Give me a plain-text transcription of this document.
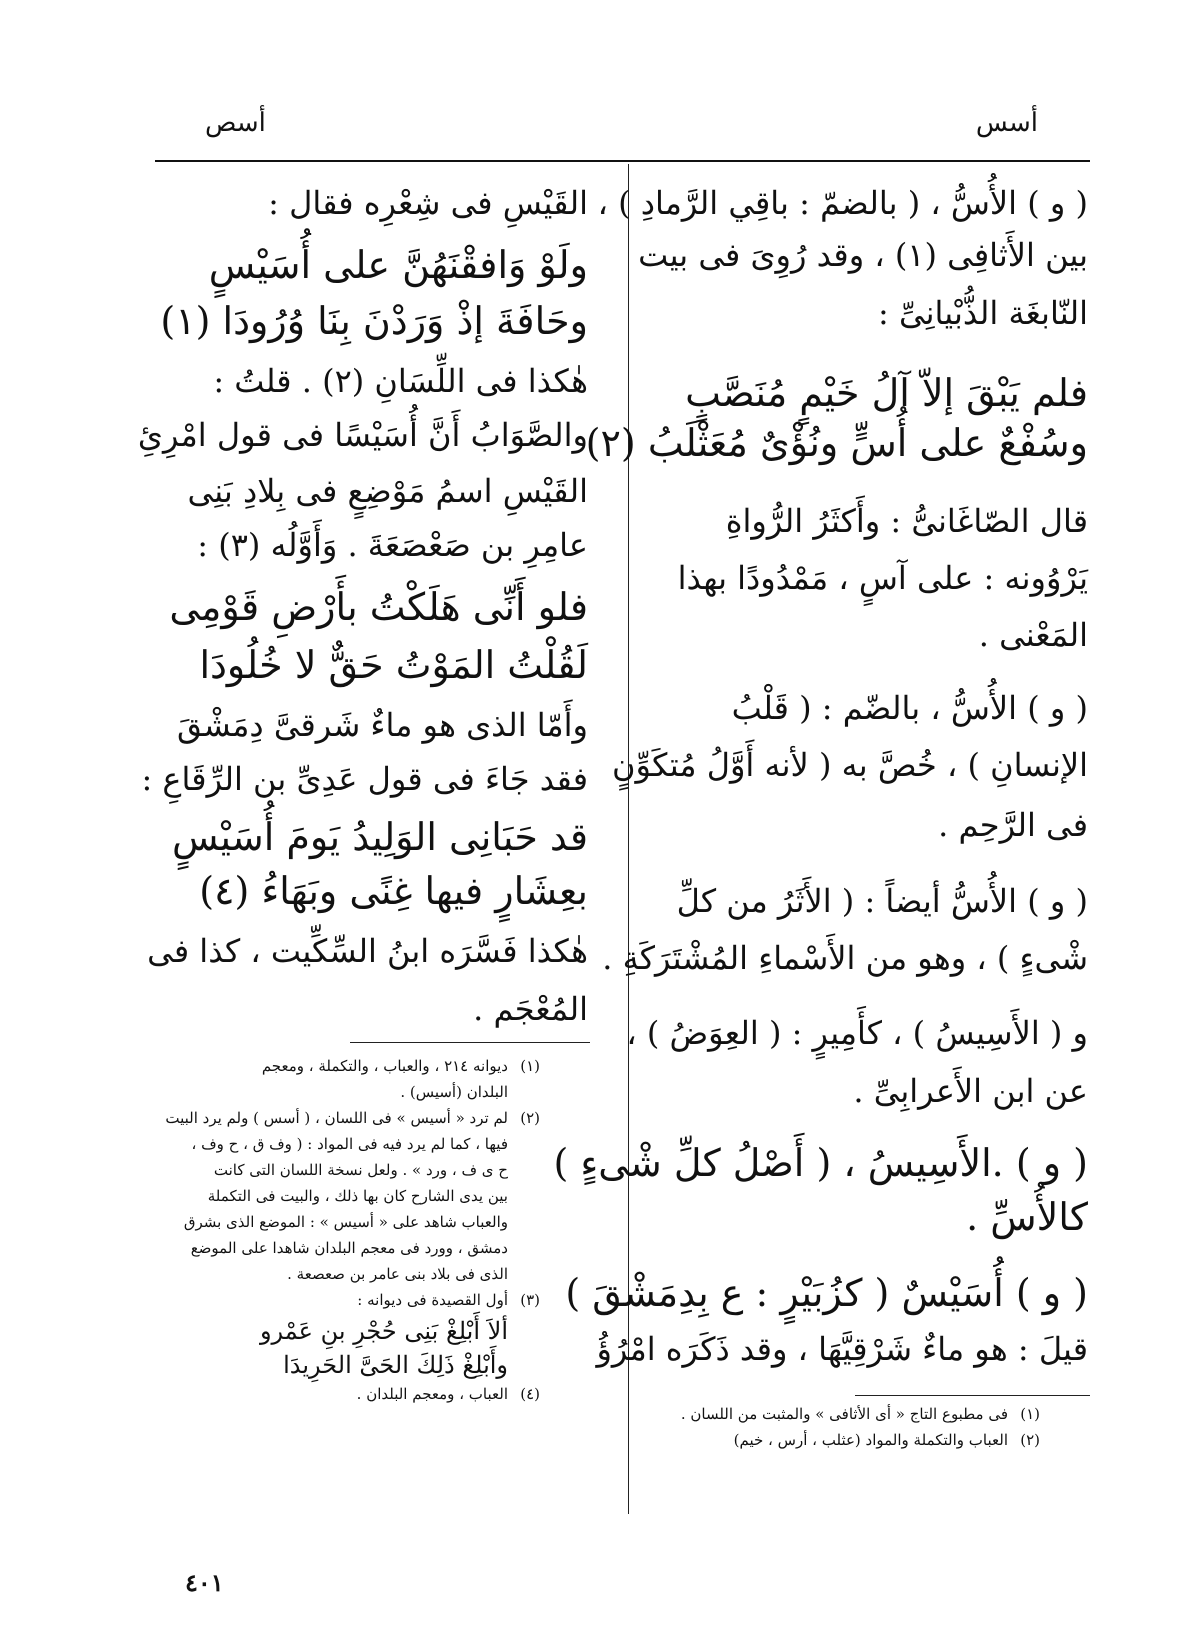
أسس
أسص
( و ) الأُسُّ ، ( بالضمّ : باقِي الرَّمادِ ) ،
بين الأَثافِى (١) ، وقد رُوِىَ فى بيت
النّابغَة الذُّبْيانِىِّ :
فلم يَبْقَ إلاّ آلُ خَيْمٍ مُنَصَّبٍ
وسُفْعٌ على أُسٍّ ونُؤْىٌ مُعَثْلَبُ (٢)
قال الصّاغَانىُّ : وأَكثَرُ الرُّواةِ
يَرْوُونه : على آسٍ ، مَمْدُودًا بهذا
المَعْنى .
( و ) الأُسُّ ، بالضّم : ( قَلْبُ
الإنسانِ ) ، خُصَّ به ( لأنه أَوَّلُ مُتكَوِّنٍ
فى الرَّحِم .
( و ) الأُسُّ أيضاً : ( الأَثَرُ من كلِّ
شْىءٍ ) ، وهو من الأَسْماءِ المُشْتَرَكَةِ .
و ( الأَسِيسُ ) ، كأَمِيرٍ : ( العِوَضُ ) ،
عن ابن الأَعرابِىِّ .
( و ) .الأَسِيسُ ، ( أَصْلُ كلِّ شْىءٍ )
كالأُسِّ .
( و ) أُسَيْسٌ ( كزُبَيْرٍ : ع بِدِمَشْقَ )
قيلَ : هو ماءٌ شَرْقِيَّهَا ، وقد ذَكَرَه امْرُؤُ
القَيْسِ فى شِعْرِه فقال :
ولَوْ وَافقْنَهُنَّ على أُسَيْسٍ
وحَافَةَ إذْ وَرَدْنَ بِنَا وُرُودَا (١)
هٰكذا فى اللِّسَانِ (٢) . قلتُ :
والصَّوَابُ أَنَّ أُسَيْسًا فى قول امْرِئِ
القَيْسِ اسمُ مَوْضِعٍ فى بِلادِ بَنِى
عامِرِ بن صَعْصَعَةَ . وَأَوَّلُه (٣) :
فلو أَنِّى هَلَكْتُ بأَرْضِ قَوْمِى
لَقُلْتُ المَوْتُ حَقٌّ لا خُلُودَا
وأَمّا الذى هو ماءٌ شَرقىَّ دِمَشْقَ
فقد جَاءَ فى قول عَدِىِّ بن الرِّقَاعِ :
قد حَبَانِى الوَلِيدُ يَومَ أُسَيْسٍ
بعِشَارٍ فيها غِنًى وبَهَاءُ (٤)
هٰكذا فَسَّرَه ابنُ السِّكِّيت ، كذا فى
المُعْجَم .
(١)ديوانه ٢١٤ ، والعباب ، والتكملة ، ومعجم
البلدان (أسيس) .
(٢)لم ترد « أسيس » فى اللسان ، ( أسس ) ولم يرد البيت
فيها ، كما لم يرد فيه فى المواد : ( وف ق ، ح وف ،
ح ى ف ، ورد » . ولعل نسخة اللسان التى كانت
بين يدى الشارح كان بها ذلك ، والبيت فى التكملة
والعباب شاهد على « أسيس » : الموضع الذى بشرق
دمشق ، وورد فى معجم البلدان شاهدا على الموضع
الذى فى بلاد بنى عامر بن صعصعة .
(٣)أول القصيدة فى ديوانه :
ألاَ أَبْلِغْ بَنِى حُجْرِ بنِ عَمْرو
وأَبْلِغْ ذَلِكَ الحَىَّ الحَرِيدَا
(٤)العباب ، ومعجم البلدان .
(١)فى مطبوع التاج « أى الأثافى » والمثبت من اللسان .
(٢)العباب والتكملة والمواد (عثلب ، أرس ، خيم)
٤٠١
